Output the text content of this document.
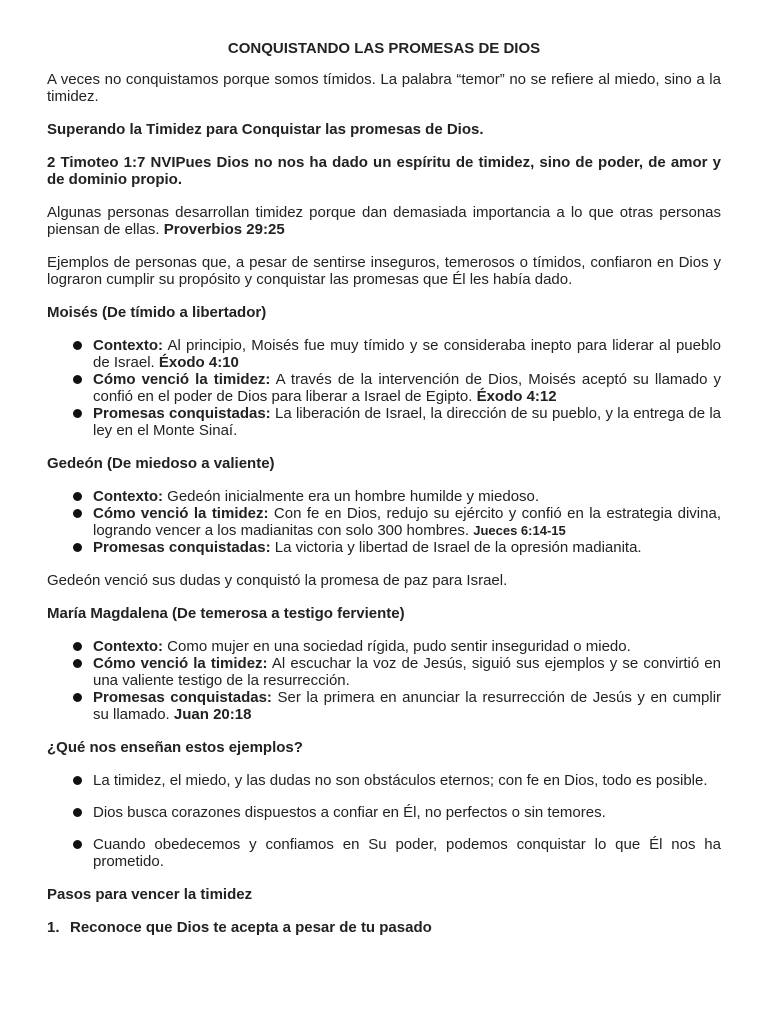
CONQUISTANDO LAS PROMESAS DE DIOS

A veces no conquistamos porque somos tímidos. La palabra “temor” no se refiere al miedo, sino a la timidez.

Superando la Timidez para Conquistar las promesas de Dios.

2 Timoteo 1:7 NVIPues Dios no nos ha dado un espíritu de timidez, sino de poder, de amor y de dominio propio.

Algunas personas desarrollan timidez porque dan demasiada importancia a lo que otras personas piensan de ellas. Proverbios 29:25

Ejemplos de personas que, a pesar de sentirse inseguros, temerosos o tímidos, confiaron en Dios y lograron cumplir su propósito y conquistar las promesas que Él les había dado.

Moisés (De tímido a libertador)

Contexto: Al principio, Moisés fue muy tímido y se consideraba inepto para liderar al pueblo de Israel. Éxodo 4:10
Cómo venció la timidez: A través de la intervención de Dios, Moisés aceptó su llamado y confió en el poder de Dios para liberar a Israel de Egipto. Éxodo 4:12
Promesas conquistadas: La liberación de Israel, la dirección de su pueblo, y la entrega de la ley en el Monte Sinaí.

Gedeón (De miedoso a valiente)

Contexto: Gedeón inicialmente era un hombre humilde y miedoso.
Cómo venció la timidez: Con fe en Dios, redujo su ejército y confió en la estrategia divina, logrando vencer a los madianitas con solo 300 hombres. Jueces 6:14-15
Promesas conquistadas: La victoria y libertad de Israel de la opresión madianita.

Gedeón venció sus dudas y conquistó la promesa de paz para Israel.

María Magdalena (De temerosa a testigo ferviente)

Contexto: Como mujer en una sociedad rígida, pudo sentir inseguridad o miedo.
Cómo venció la timidez: Al escuchar la voz de Jesús, siguió sus ejemplos y se convirtió en una valiente testigo de la resurrección.
Promesas conquistadas: Ser la primera en anunciar la resurrección de Jesús y en cumplir su llamado. Juan 20:18

¿Qué nos enseñan estos ejemplos?

La timidez, el miedo, y las dudas no son obstáculos eternos; con fe en Dios, todo es posible.
Dios busca corazones dispuestos a confiar en Él, no perfectos o sin temores.
Cuando obedecemos y confiamos en Su poder, podemos conquistar lo que Él nos ha prometido.

Pasos para vencer la timidez

1. Reconoce que Dios te acepta a pesar de tu pasado
